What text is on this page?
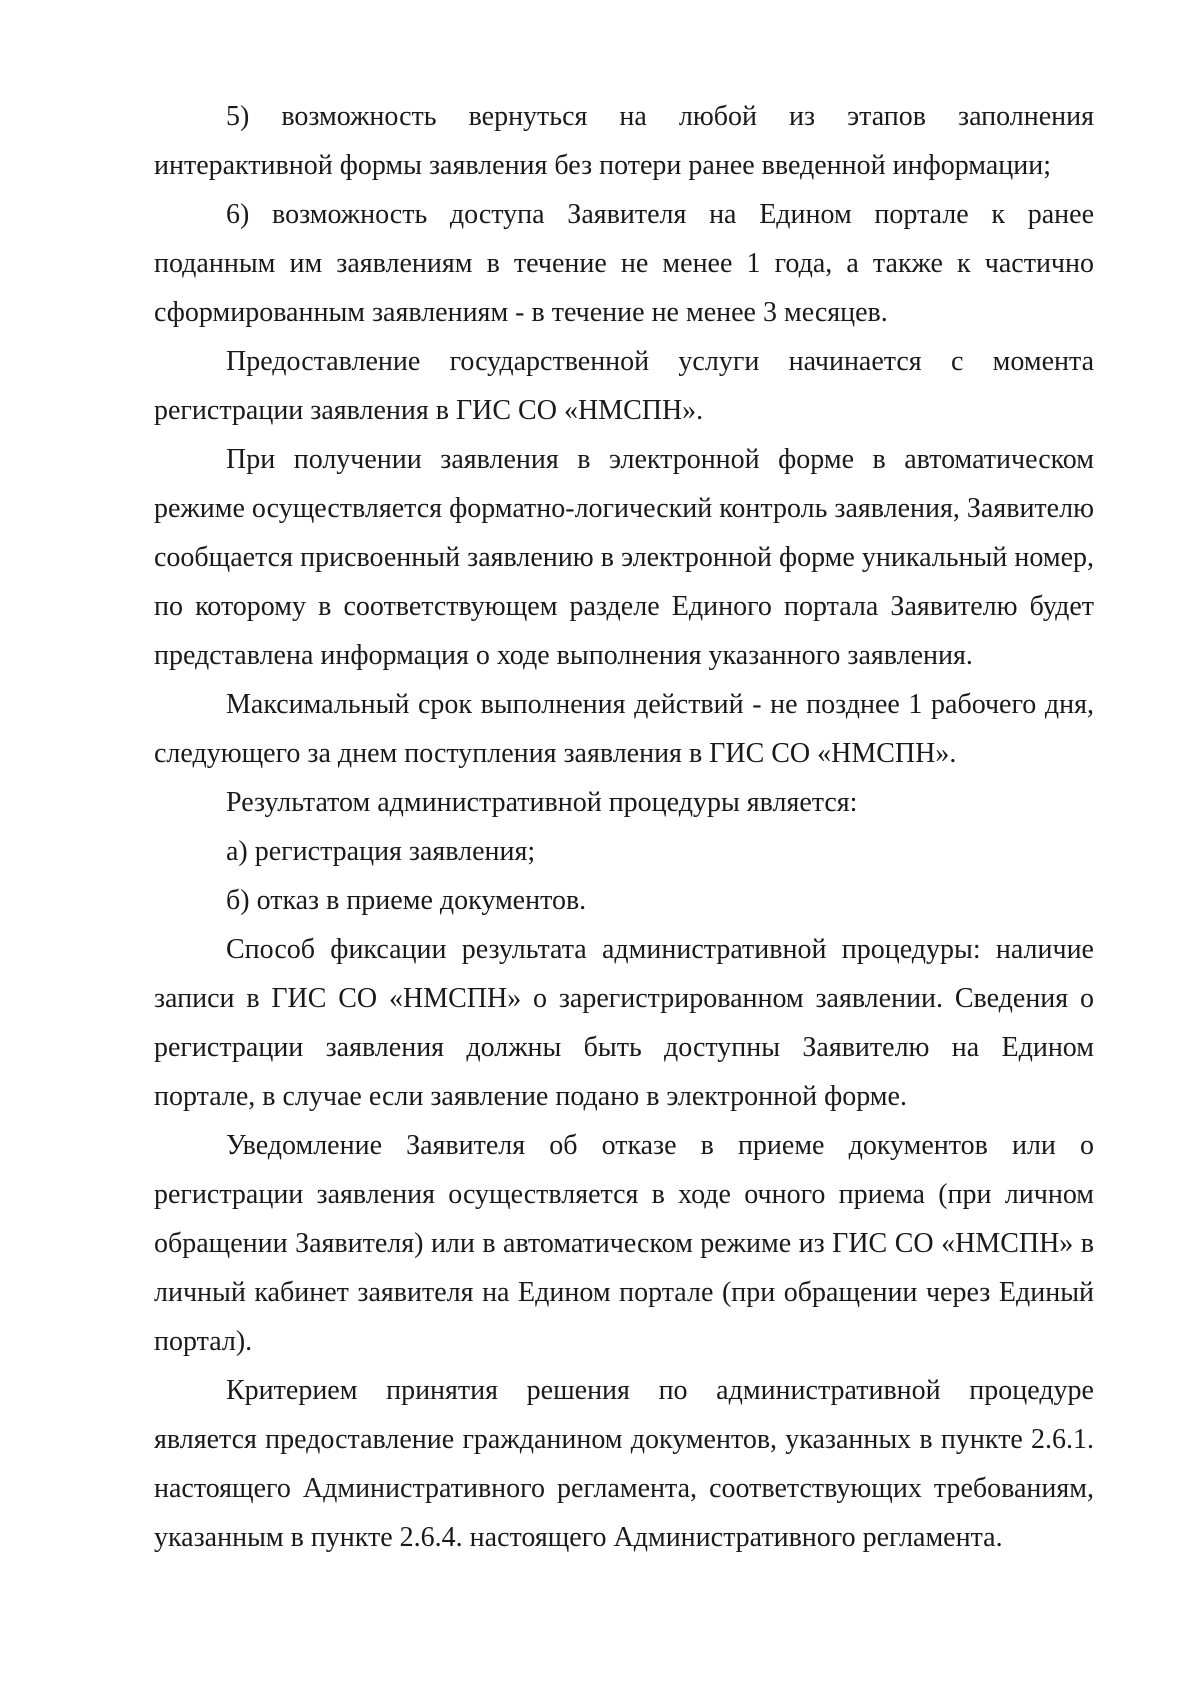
5) возможность вернуться на любой из этапов заполнения интерактивной формы заявления без потери ранее введенной информации;

6) возможность доступа Заявителя на Едином портале к ранее поданным им заявлениям в течение не менее 1 года, а также к частично сформированным заявлениям - в течение не менее 3 месяцев.

Предоставление государственной услуги начинается с момента регистрации заявления в ГИС СО «НМСПН».

При получении заявления в электронной форме в автоматическом режиме осуществляется форматно-логический контроль заявления, Заявителю сообщается присвоенный заявлению в электронной форме уникальный номер, по которому в соответствующем разделе Единого портала Заявителю будет представлена информация о ходе выполнения указанного заявления.

Максимальный срок выполнения действий - не позднее 1 рабочего дня, следующего за днем поступления заявления в ГИС СО «НМСПН».

Результатом административной процедуры является:

а) регистрация заявления;

б) отказ в приеме документов.

Способ фиксации результата административной процедуры: наличие записи в ГИС СО «НМСПН» о зарегистрированном заявлении. Сведения о регистрации заявления должны быть доступны Заявителю на Едином портале, в случае если заявление подано в электронной форме.

Уведомление Заявителя об отказе в приеме документов или о регистрации заявления осуществляется в ходе очного приема (при личном обращении Заявителя) или в автоматическом режиме из ГИС СО «НМСПН» в личный кабинет заявителя на Едином портале (при обращении через Единый портал).

Критерием принятия решения по административной процедуре является предоставление гражданином документов, указанных в пункте 2.6.1. настоящего Административного регламента, соответствующих требованиям, указанным в пункте 2.6.4. настоящего Административного регламента.
